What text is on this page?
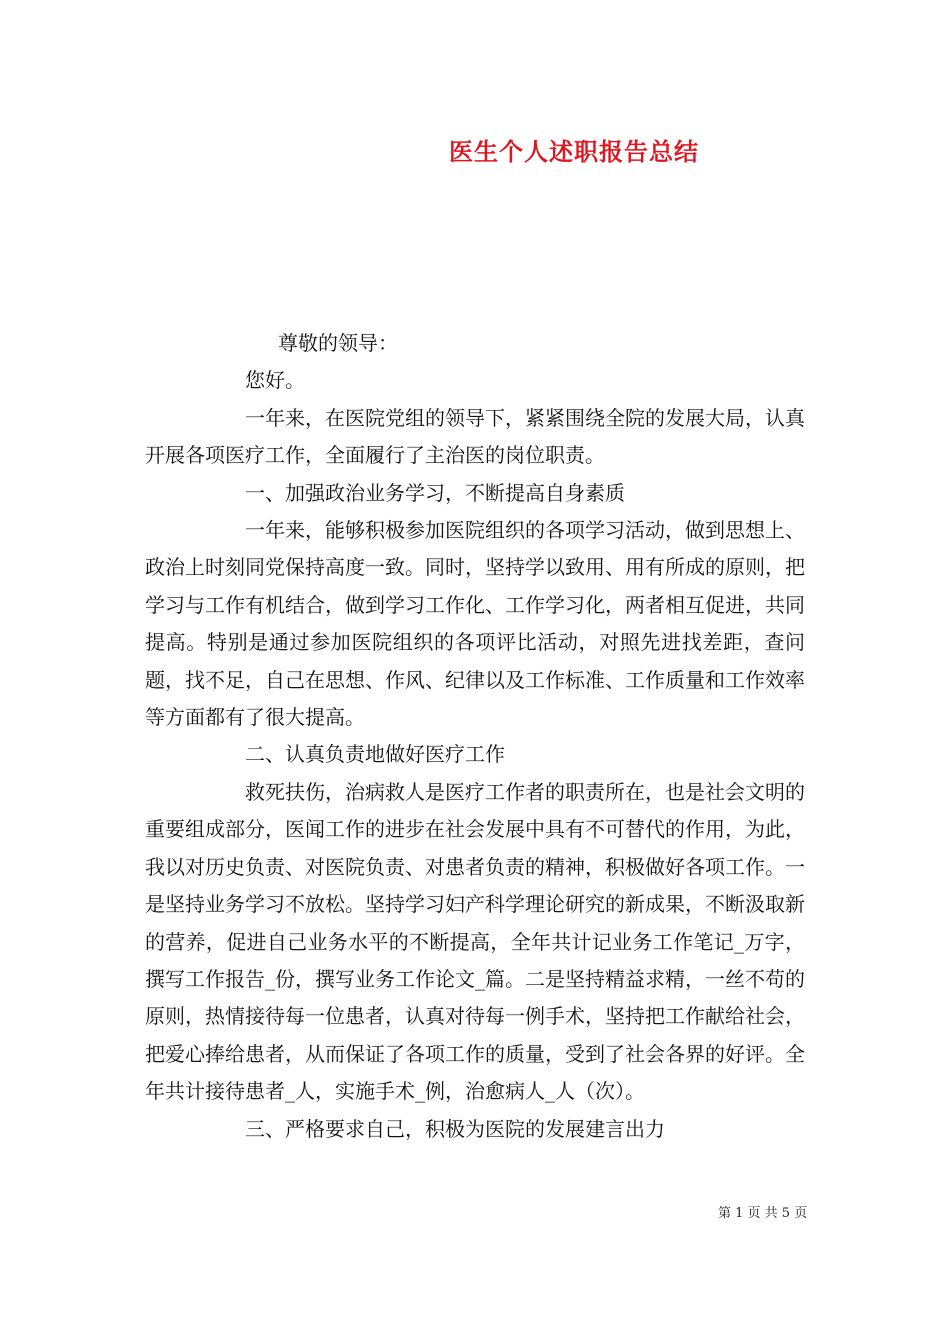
医生个人述职报告总结

尊敬的领导：

您好。

一年来，在医院党组的领导下，紧紧围绕全院的发展大局，认真开展各项医疗工作，全面履行了主治医的岗位职责。

一、加强政治业务学习，不断提高自身素质

一年来，能够积极参加医院组织的各项学习活动，做到思想上、政治上时刻同党保持高度一致。同时，坚持学以致用、用有所成的原则，把学习与工作有机结合，做到学习工作化、工作学习化，两者相互促进，共同提高。特别是通过参加医院组织的各项评比活动，对照先进找差距，查问题，找不足，自己在思想、作风、纪律以及工作标准、工作质量和工作效率等方面都有了很大提高。

二、认真负责地做好医疗工作

救死扶伤，治病救人是医疗工作者的职责所在，也是社会文明的重要组成部分，医闻工作的进步在社会发展中具有不可替代的作用，为此，我以对历史负责、对医院负责、对患者负责的精神，积极做好各项工作。一是坚持业务学习不放松。坚持学习妇产科学理论研究的新成果，不断汲取新的营养，促进自己业务水平的不断提高，全年共计记业务工作笔记_万字，撰写工作报告_份，撰写业务工作论文_篇。二是坚持精益求精，一丝不苟的原则，热情接待每一位患者，认真对待每一例手术，坚持把工作献给社会，把爱心捧给患者，从而保证了各项工作的质量，受到了社会各界的好评。全年共计接待患者_人，实施手术_例，治愈病人_人（次）。

三、严格要求自己，积极为医院的发展建言出力

第 1 页 共 5 页
